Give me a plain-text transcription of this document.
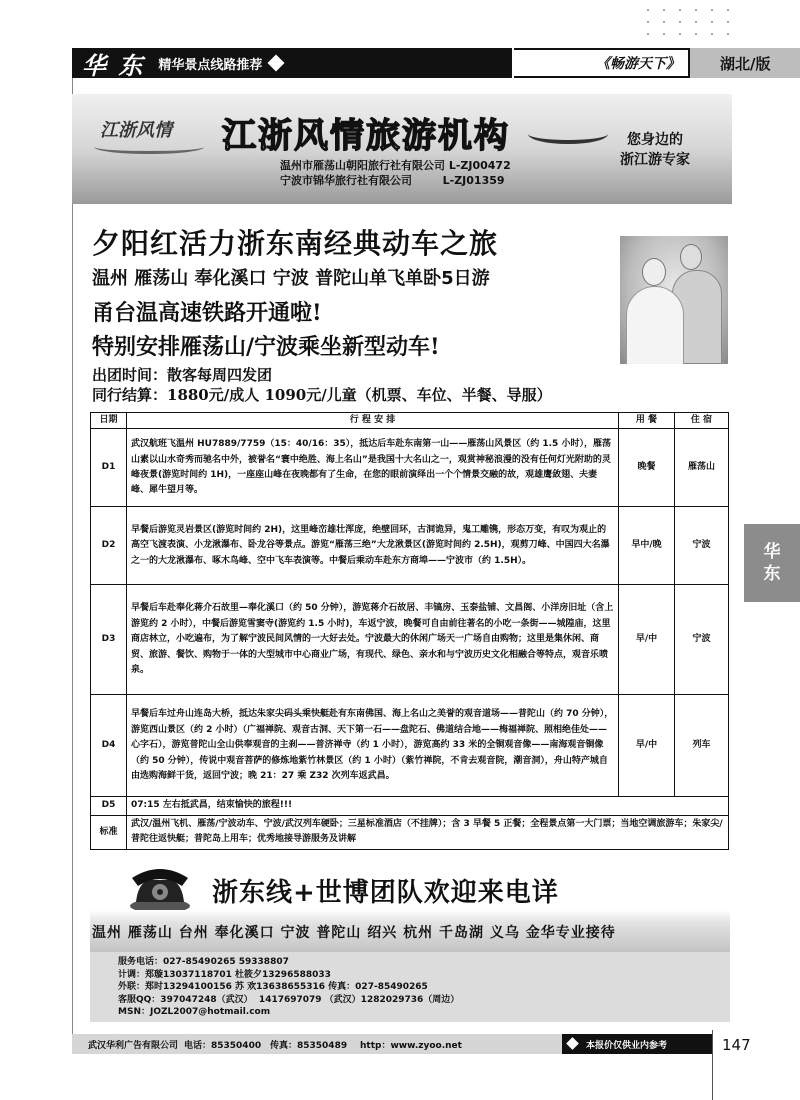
华 东	精华景点线路推荐	《畅游天下》	湖北/版
江浙风情 江浙风情旅游机构
温州市雁荡山朝阳旅行社有限公司 L-ZJ00472
宁波市锦华旅行社有限公司        L-ZJ01359
您身边的
浙江游专家
夕阳红活力浙东南经典动车之旅
温州 雁荡山 奉化溪口 宁波 普陀山单飞单卧5日游
甬台温高速铁路开通啦!
特别安排雁荡山/宁波乘坐新型动车!
出团时间：散客每周四发团
同行结算：1880元/成人 1090元/儿童（机票、车位、半餐、导服）
日期	行 程 安 排	用 餐	住 宿
D1	武汉航班飞温州 HU7889/7759（15：40/16：35），抵达后车赴东南第一山——雁荡山风景区（约 1.5 小时），雁荡山素以山水奇秀而驰名中外，被誉名“寰中绝胜、海上名山”是我国十大名山之一，观赏神秘浪漫的没有任何灯光附助的灵峰夜景(游览时间约 1H)，一座座山峰在夜晚都有了生命，在您的眼前演绎出一个个情景交融的故，观雄鹰敛翅、夫妻峰、犀牛望月等。	晚餐	雁荡山
D2	早餐后游览灵岩景区(游览时间约 2H)，这里峰峦雄壮浑庞，绝壁回环，古洞诡异，鬼工雕镌，形态万变，有叹为观止的高空飞渡表演、小龙湫瀑布、卧龙谷等景点。游览“雁荡三绝”大龙湫景区(游览时间约 2.5H)，观剪刀峰、中国四大名瀑之一的大龙湫瀑布、啄木鸟峰、空中飞车表演等。中餐后乘动车赴东方商埠——宁波市（约 1.5H）。	早中/晚	宁波
D3	早餐后车赴奉化蒋介石故里—奉化溪口（约 50 分钟），游览蒋介石故居、丰镐房、玉泰盐铺、文昌阁、小洋房旧址（含上游览约 2 小时），中餐后游览雪窦寺(游览约 1.5 小时)，车返宁波，晚餐可自由前往著名的小吃一条街——城隍庙，这里商店林立，小吃遍布，为了解宁波民间风情的一大好去处。宁波最大的休闲广场天一广场自由购物；这里是集休闲、商贸、旅游、餐饮、购物于一体的大型城市中心商业广场，有现代、绿色、亲水和与宁波历史文化相融合等特点，观音乐喷泉。	早/中	宁波
D4	早餐后车过舟山连岛大桥，抵达朱家尖码头乘快艇赴有东南佛国、海上名山之美誉的观音道场——普陀山（约 70 分钟），游览西山景区（约 2 小时）（广福禅院、观音古洞、天下第一石——盘陀石、佛道结合地——梅福禅院、照相绝佳处——心字石），游览普陀山全山供奉观音的主刹——普济禅寺（约 1 小时），游览高约 33 米的全铜观音像——南海观音铜像（约 50 分钟），传说中观音菩萨的修炼地紫竹林景区（约 1 小时）（紫竹禅院，不肯去观音院，潮音洞），舟山特产城自由选购海鲜干货，返回宁波；晚 21：27 乘 Z32 次列车返武昌。	早/中	列车
D5	07:15 左右抵武昌，结束愉快的旅程!!!		
标准	武汉/温州飞机、雁荡/宁波动车、宁波/武汉列车硬卧；三星标准酒店（不挂牌）；含 3 早餐 5 正餐；全程景点第一大门票；当地空调旅游车；朱家尖/普陀往返快艇；普陀岛上用车；优秀地接导游服务及讲解		
华
东
浙东线+世博团队欢迎来电详
温州 雁荡山 台州 奉化溪口 宁波 普陀山 绍兴 杭州 千岛湖 义乌 金华专业接待
服务电话：027-85490265 59338807
计调：郑璇13037118701 杜筱夕13296588033
外联：郑时13294100156 苏 欢13638655316 传真：027-85490265
客服QQ：397047248（武汉）  1417697079 （武汉）1282029736（周边）
MSN：JOZL2007@hotmail.com
武汉华利广告有限公司 电话：85350400 传真：85350489	http：www.zyoo.net	本报价仅供业内参考	147
